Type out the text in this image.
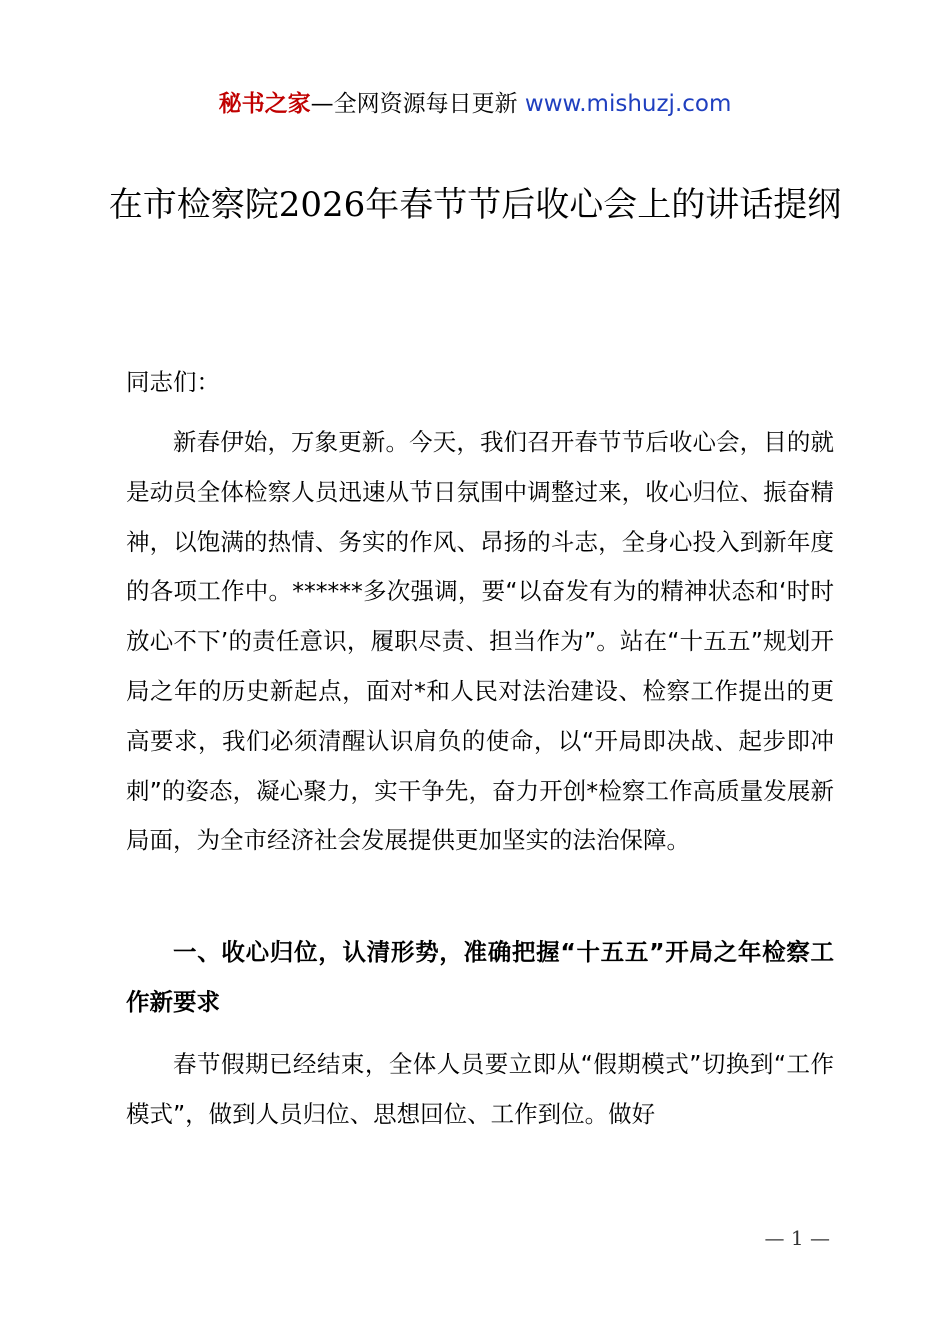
秘书之家—全网资源每日更新 www.mishuzj.com
在市检察院2026年春节节后收心会上的讲话提纲

同志们：

新春伊始，万象更新。今天，我们召开春节节后收心会，目的就是动员全体检察人员迅速从节日氛围中调整过来，收心归位、振奋精神，以饱满的热情、务实的作风、昂扬的斗志，全身心投入到新年度的各项工作中。******多次强调，要“以奋发有为的精神状态和‘时时放心不下’的责任意识，履职尽责、担当作为”。站在“十五五”规划开局之年的历史新起点，面对*和人民对法治建设、检察工作提出的更高要求，我们必须清醒认识肩负的使命，以“开局即决战、起步即冲刺”的姿态，凝心聚力，实干争先，奋力开创*检察工作高质量发展新局面，为全市经济社会发展提供更加坚实的法治保障。

一、收心归位，认清形势，准确把握“十五五”开局之年检察工作新要求

春节假期已经结束，全体人员要立即从“假期模式”切换到“工作模式”，做到人员归位、思想回位、工作到位。做好

— 1 —
